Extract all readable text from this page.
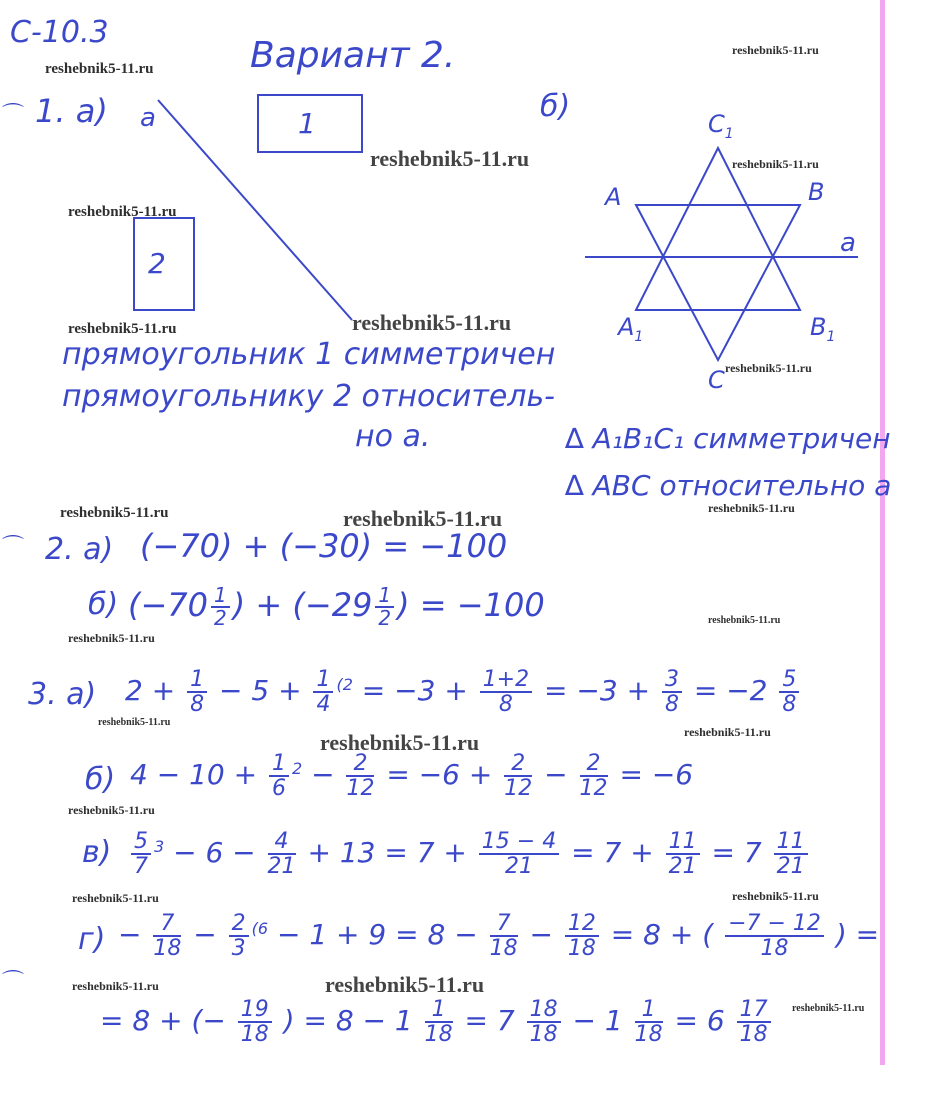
C-10.3
Вариант 2.
1. а) a	1
2
прямоугольник 1 симметричен
прямоугольнику 2 относитель-
но а.
б)	$C_1$
A	B
a
$A_1$	$B_1$
C
∆ A₁B₁C₁ симметричен
∆ ABC относительно а
2. а) (−70) + (−30) = −100
б) ($-70 \frac{1}{2}$ ) + ($-29 \frac{1}{2}$ ) = −100
3. а) $2 + \frac{1}{8} - 5 + \frac{1}{4} ^{(2} = -3 + \frac{1+2}{8} = -3 + \frac{3}{8} = -2 \frac{5}{8}$
б) $4 - 10 + \frac{1}{6} ^2 - \frac{2}{12} = -6 + \frac{2}{12} - \frac{2}{12} = -6$
$в) \frac{5}{7} ^3 - 6 - \frac{4}{21} + 13 = 7 + \frac{15 - 4}{21} = 7 + \frac{11}{21} = 7 \frac{11}{21}$
$г) - \frac{7}{18} - \frac{2}{3} ^{(6} - 1 + 9 = 8 - \frac{7}{18} - \frac{12}{18} = 8$ + ( $\frac{-7 - 12}{18}$ ) =
= 8 + (− $\frac{19}{18}$ ) = $8 - 1 \frac{1}{18} = 7 \frac{18}{18} - 1 \frac{1}{18} = 6 \frac{17}{18}$
⌒
⌒
⌒
reshebnik5-11.ru
reshebnik5-11.ru
reshebnik5-11.ru	reshebnik5-11.ru
reshebnik5-11.ru
reshebnik5-11.ru
reshebnik5-11.ru
reshebnik5-11.ru
reshebnik5-11.ru	reshebnik5-11.ru	reshebnik5-11.ru
reshebnik5-11.ru
reshebnik5-11.ru
reshebnik5-11.ru
reshebnik5-11.ru	reshebnik5-11.ru
reshebnik5-11.ru
reshebnik5-11.ru	reshebnik5-11.ru
reshebnik5-11.ru	reshebnik5-11.ru
reshebnik5-11.ru
